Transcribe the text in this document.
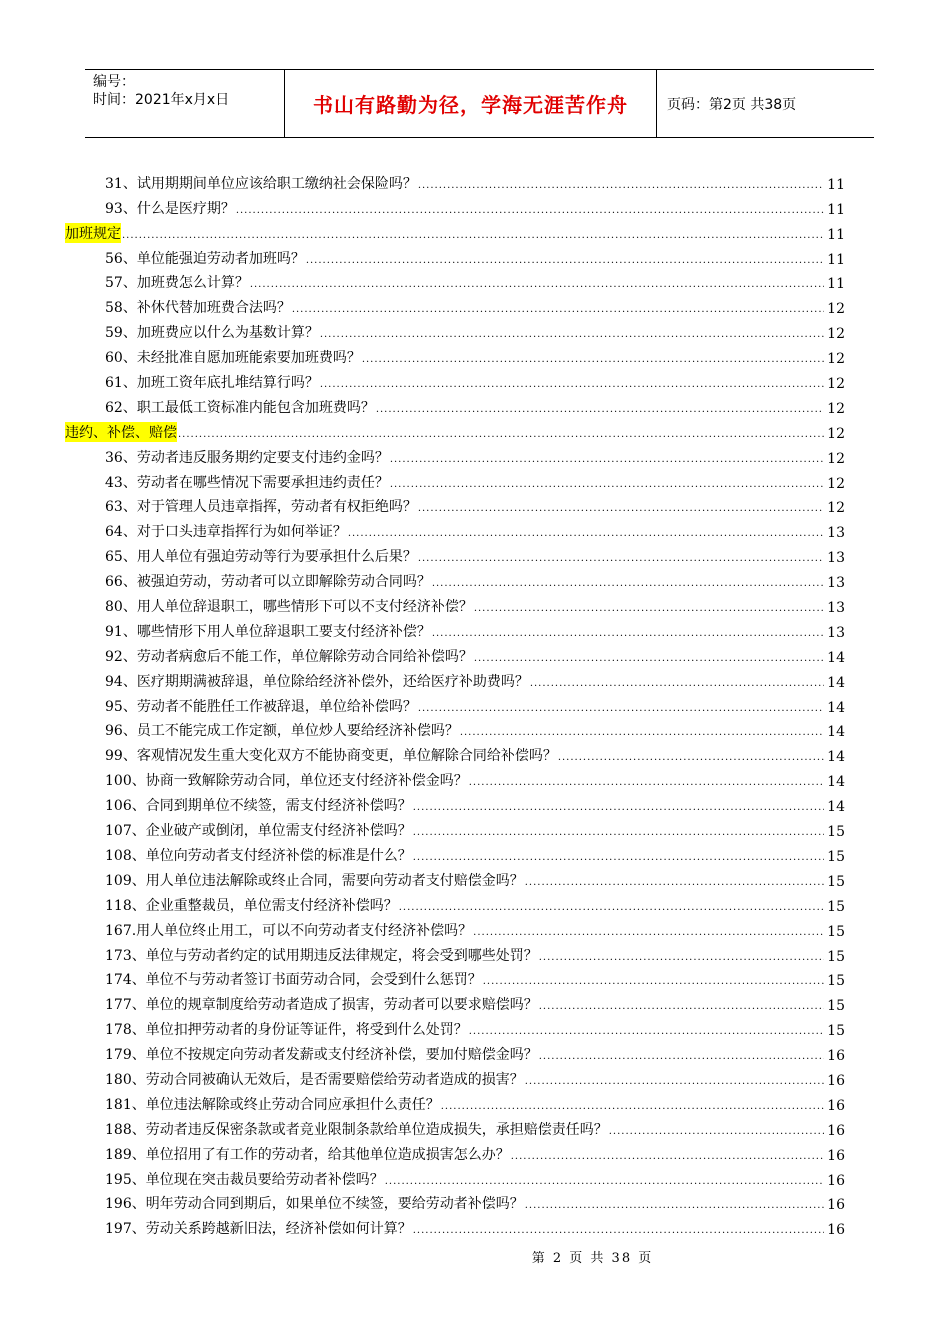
编号：
时间：2021年x月x日	书山有路勤为径，学海无涯苦作舟	页码：第2页 共38页
31、试用期期间单位应该给职工缴纳社会保险吗？ .....	11
93、什么是医疗期？ .....	11
加班规定 .....	11
56、单位能强迫劳动者加班吗？ .....	11
57、加班费怎么计算？ .....	11
58、补休代替加班费合法吗？ .....	12
59、加班费应以什么为基数计算？ .....	12
60、未经批准自愿加班能索要加班费吗？ .....	12
61、加班工资年底扎堆结算行吗？ .....	12
62、职工最低工资标准内能包含加班费吗？ .....	12
违约、补偿、赔偿 .....	12
36、劳动者违反服务期约定要支付违约金吗？ .....	12
43、劳动者在哪些情况下需要承担违约责任？ .....	12
63、对于管理人员违章指挥，劳动者有权拒绝吗？ .....	12
64、对于口头违章指挥行为如何举证？ .....	13
65、用人单位有强迫劳动等行为要承担什么后果？ .....	13
66、被强迫劳动，劳动者可以立即解除劳动合同吗？ .....	13
80、用人单位辞退职工，哪些情形下可以不支付经济补偿？ .....	13
91、哪些情形下用人单位辞退职工要支付经济补偿？ .....	13
92、劳动者病愈后不能工作，单位解除劳动合同给补偿吗？ .....	14
94、医疗期期满被辞退，单位除给经济补偿外，还给医疗补助费吗？ .....	14
95、劳动者不能胜任工作被辞退，单位给补偿吗？ .....	14
96、员工不能完成工作定额，单位炒人要给经济补偿吗？ .....	14
99、客观情况发生重大变化双方不能协商变更，单位解除合同给补偿吗？ .....	14
100、协商一致解除劳动合同，单位还支付经济补偿金吗？ .....	14
106、合同到期单位不续签，需支付经济补偿吗？ .....	14
107、企业破产或倒闭，单位需支付经济补偿吗？ .....	15
108、单位向劳动者支付经济补偿的标准是什么？ .....	15
109、用人单位违法解除或终止合同，需要向劳动者支付赔偿金吗？ .....	15
118、企业重整裁员，单位需支付经济补偿吗？ .....	15
167.用人单位终止用工，可以不向劳动者支付经济补偿吗？ .....	15
173、单位与劳动者约定的试用期违反法律规定，将会受到哪些处罚？ .....	15
174、单位不与劳动者签订书面劳动合同，会受到什么惩罚？ .....	15
177、单位的规章制度给劳动者造成了损害，劳动者可以要求赔偿吗？ .....	15
178、单位扣押劳动者的身份证等证件，将受到什么处罚？ .....	15
179、单位不按规定向劳动者发薪或支付经济补偿，要加付赔偿金吗？ .....	16
180、劳动合同被确认无效后，是否需要赔偿给劳动者造成的损害？ .....	16
181、单位违法解除或终止劳动合同应承担什么责任？ .....	16
188、劳动者违反保密条款或者竞业限制条款给单位造成损失，承担赔偿责任吗？ .....	16
189、单位招用了有工作的劳动者，给其他单位造成损害怎么办？ .....	16
195、单位现在突击裁员要给劳动者补偿吗？ .....	16
196、明年劳动合同到期后，如果单位不续签，要给劳动者补偿吗？ .....	16
197、劳动关系跨越新旧法，经济补偿如何计算？ .....	16
第 2 页 共 38 页
